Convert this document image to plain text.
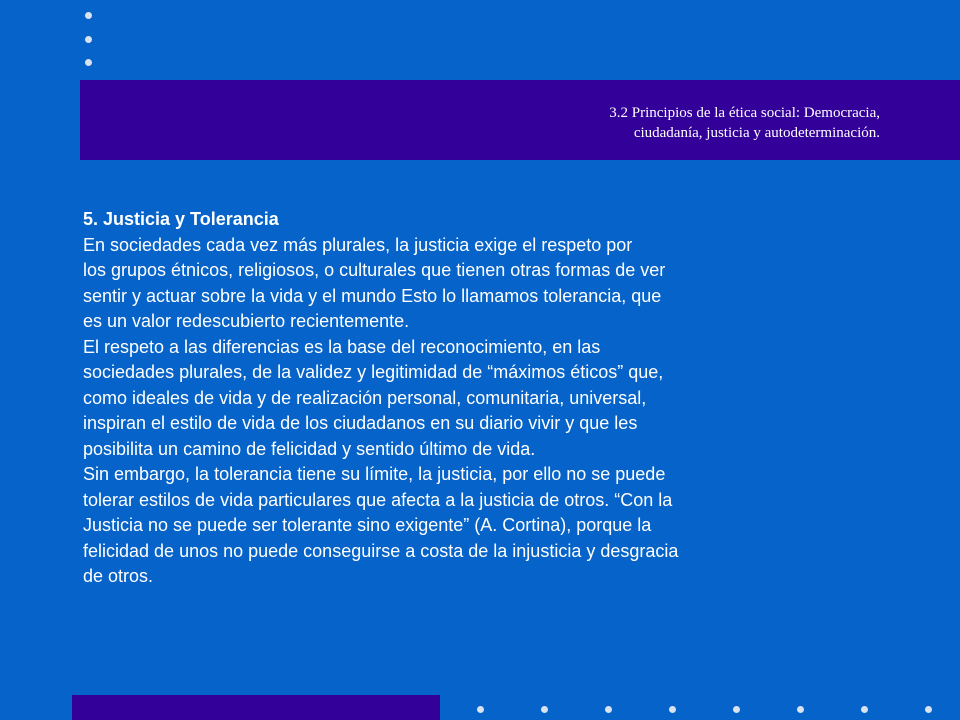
3.2 Principios de la ética social: Democracia,
ciudadanía, justicia y autodeterminación.
5. Justicia y Tolerancia
En sociedades cada vez más plurales, la justicia exige el respeto por
los grupos étnicos, religiosos, o culturales que tienen otras formas de ver
sentir y actuar sobre la vida y el mundo Esto lo llamamos tolerancia, que
es un valor redescubierto recientemente.
El respeto a las diferencias es la base del reconocimiento, en las
sociedades plurales, de la validez y legitimidad de “máximos éticos” que,
como ideales de vida y de realización personal, comunitaria, universal,
inspiran el estilo de vida de los ciudadanos en su diario vivir y que les
posibilita un camino de felicidad y sentido último de vida.
Sin embargo, la tolerancia tiene su límite, la justicia, por ello no se puede
tolerar estilos de vida particulares que afecta a la justicia de otros. “Con la
Justicia no se puede ser tolerante sino exigente” (A. Cortina), porque la
felicidad de unos no puede conseguirse a costa de la injusticia y desgracia
de otros.
